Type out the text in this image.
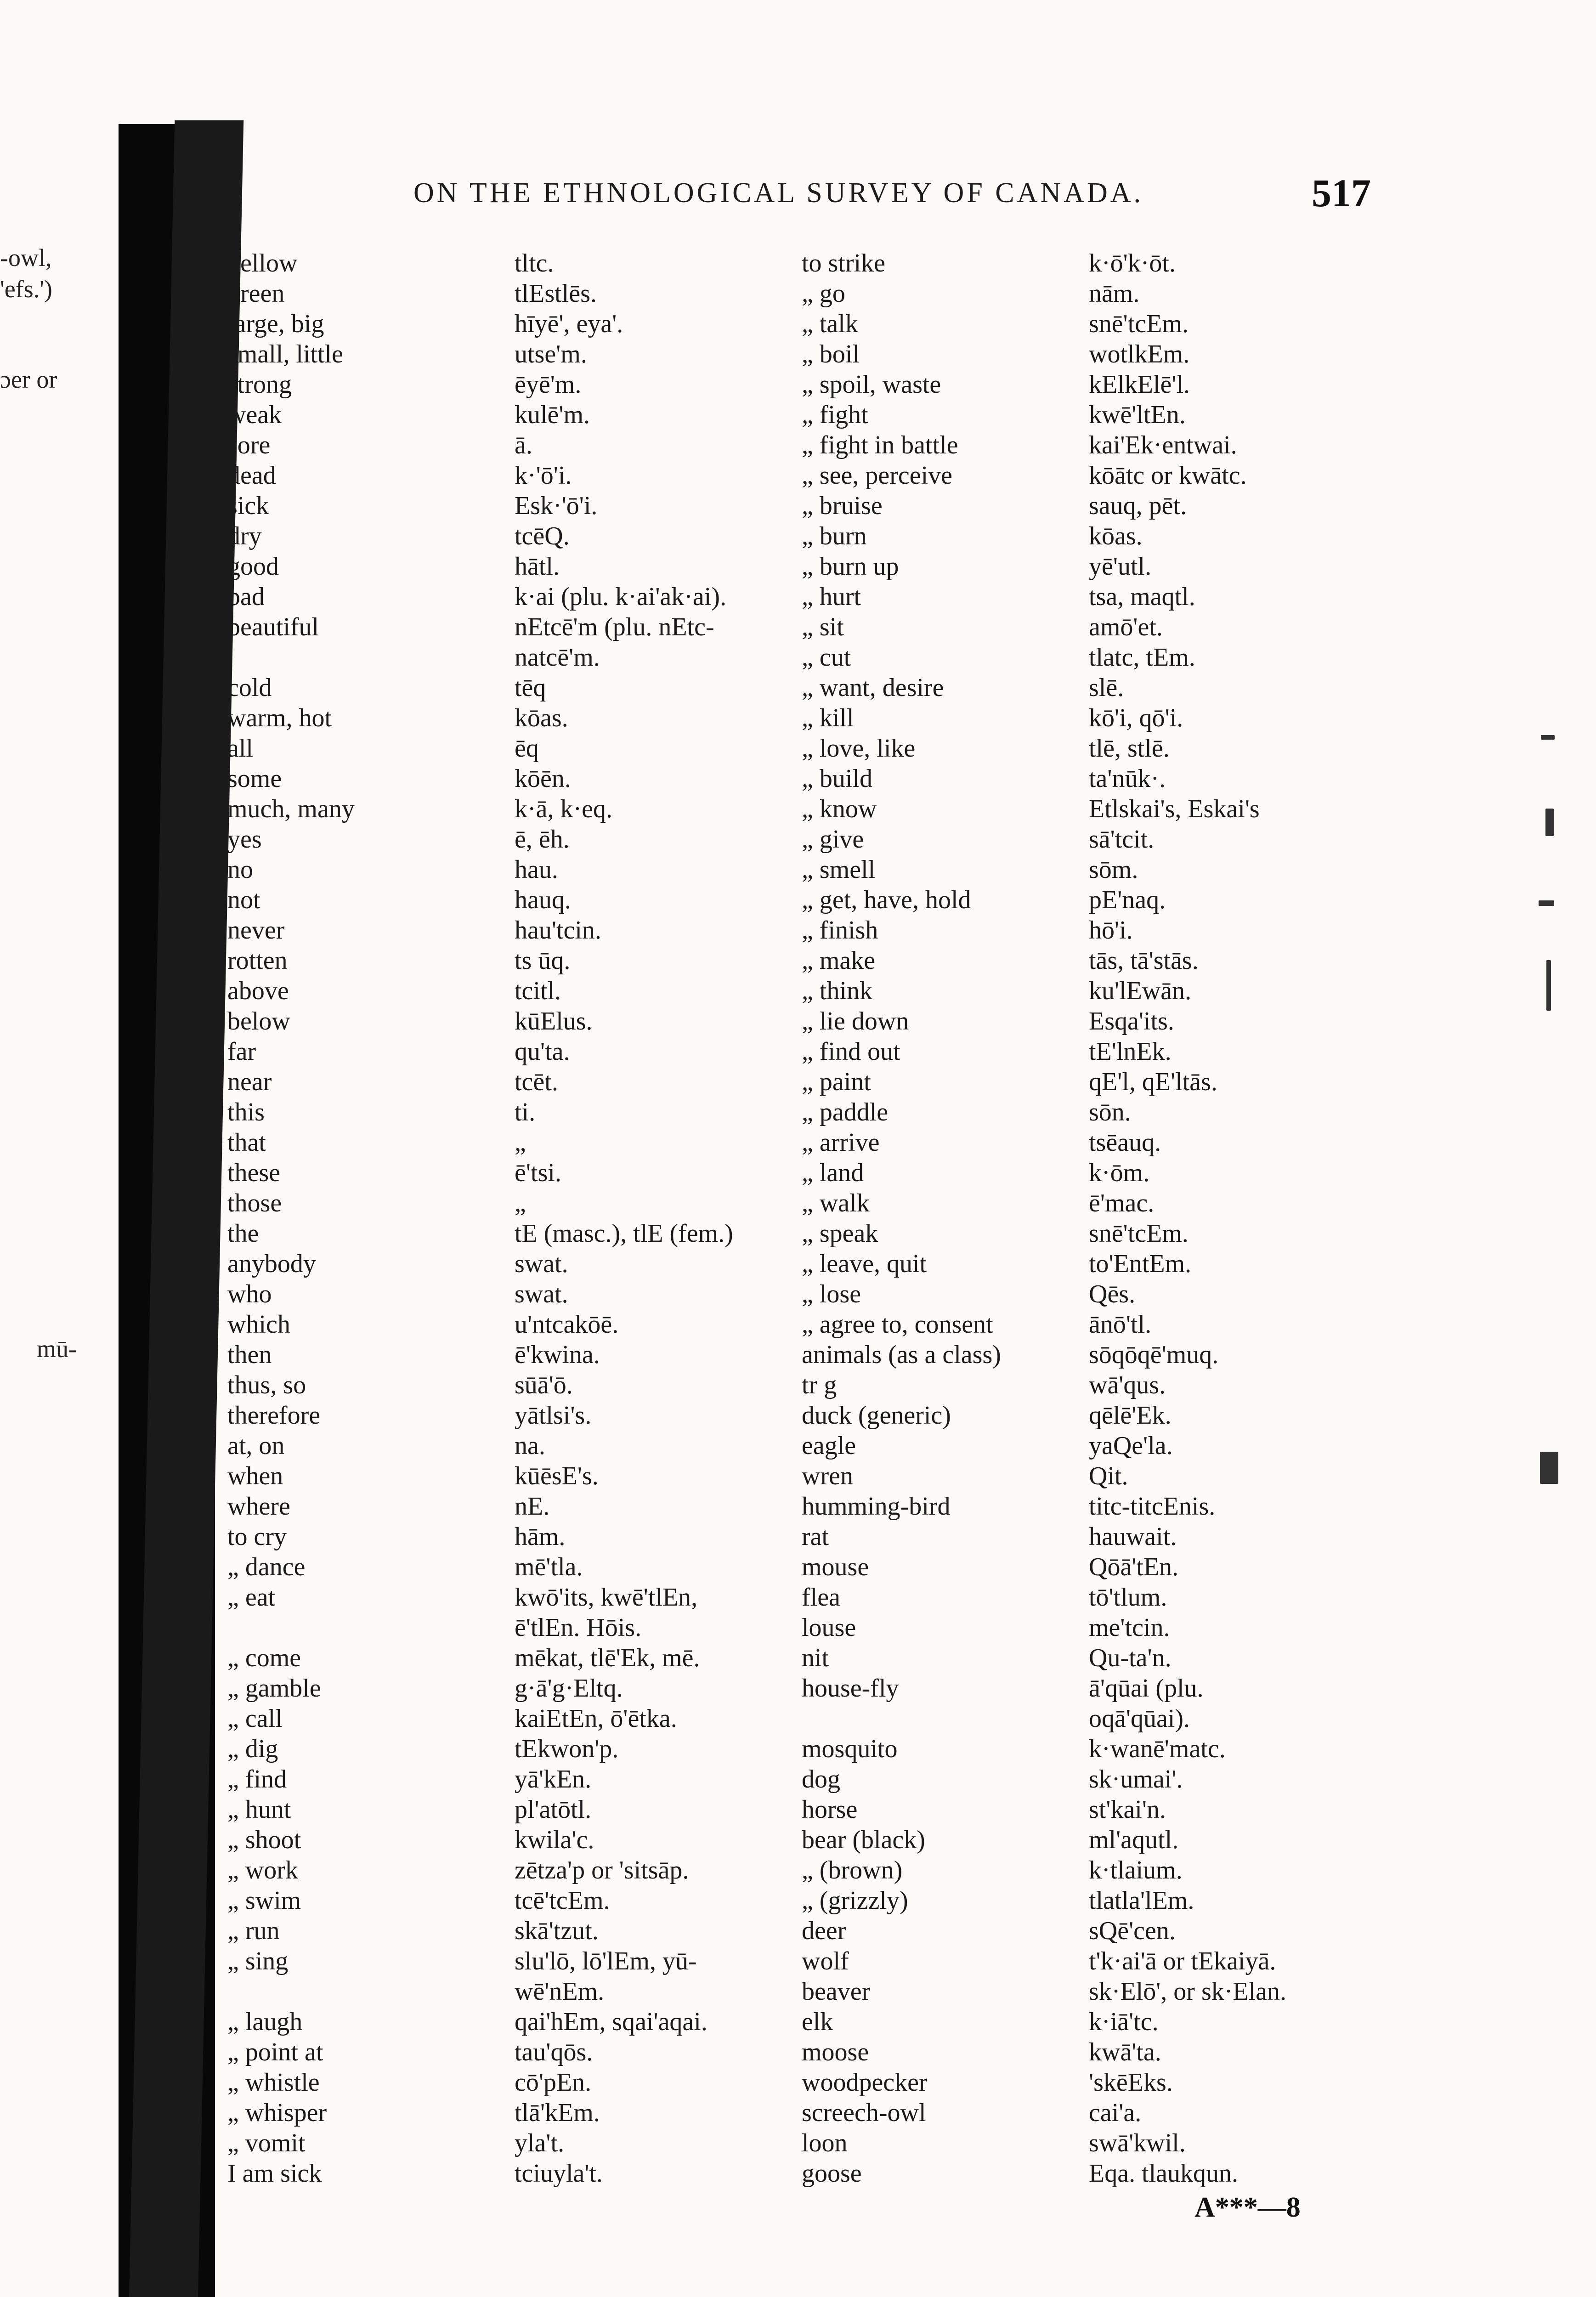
-owl,
'efs.')
ɔer or
mū-
ON THE ETHNOLOGICAL SURVEY OF CANADA.	517
yellow
green
large, big
small, little
strong
weak
sore
dead
sick
dry
good
bad
beautiful
cold
warm, hot
all
some
much, many
yes
no
not
never
rotten
above
below
far
near
this
that
these
those
the
anybody
who
which
then
thus, so
therefore
at, on
when
where
to cry
„ dance
„ eat
„ come
„ gamble
„ call
„ dig
„ find
„ hunt
„ shoot
„ work
„ swim
„ run
„ sing
„ laugh
„ point at
„ whistle
„ whisper
„ vomit
I am sick
tltc.
tlEstlēs.
hīyē', eya'.
utse'm.
ēyē'm.
kulē'm.
ā.
k·'ō'i.
Esk·'ō'i.
tcēQ.
hātl.
k·ai (plu. k·ai'ak·ai).
nEtcē'm (plu. nEtc-
natcē'm.
tēq
kōas.
ēq
kōēn.
k·ā, k·eq.
ē, ēh.
hau.
hauq.
hau'tcin.
ts ūq.
tcitl.
kūElus.
qu'ta.
tcēt.
ti.
„
ē'tsi.
„
tE (masc.), tlE (fem.)
swat.
swat.
u'ntcakōē.
ē'kwina.
sūā'ō.
yātlsi's.
na.
kūēsE's.
nE.
hām.
mē'tla.
kwō'its, kwē'tlEn,
ē'tlEn. Hōis.
mēkat, tlē'Ek, mē.
g·ā'g·Eltq.
kaiEtEn, ō'ētka.
tEkwon'p.
yā'kEn.
pl'atōtl.
kwila'c.
zētza'p or 'sitsāp.
tcē'tcEm.
skā'tzut.
slu'lō, lō'lEm, yū-
wē'nEm.
qai'hEm, sqai'aqai.
tau'qōs.
cō'pEn.
tlā'kEm.
yla't.
tciuyla't.
to strike
„ go
„ talk
„ boil
„ spoil, waste
„ fight
„ fight in battle
„ see, perceive
„ bruise
„ burn
„ burn up
„ hurt
„ sit
„ cut
„ want, desire
„ kill
„ love, like
„ build
„ know
„ give
„ smell
„ get, have, hold
„ finish
„ make
„ think
„ lie down
„ find out
„ paint
„ paddle
„ arrive
„ land
„ walk
„ speak
„ leave, quit
„ lose
„ agree to, consent
animals (as a class)
tr g
duck (generic)
eagle
wren
humming-bird
rat
mouse
flea
louse
nit
house-fly
mosquito
dog
horse
bear (black)
„ (brown)
„ (grizzly)
deer
wolf
beaver
elk
moose
woodpecker
screech-owl
loon
goose
k·ō'k·ōt.
nām.
snē'tcEm.
wotlkEm.
kElkElē'l.
kwē'ltEn.
kai'Ek·entwai.
kōātc or kwātc.
sauq, pēt.
kōas.
yē'utl.
tsa, maqtl.
amō'et.
tlatc, tEm.
slē.
kō'i, qō'i.
tlē, stlē.
ta'nūk·.
Etlskai's, Eskai's
sā'tcit.
sōm.
pE'naq.
hō'i.
tās, tā'stās.
ku'lEwān.
Esqa'its.
tE'lnEk.
qE'l, qE'ltās.
sōn.
tsēauq.
k·ōm.
ē'mac.
snē'tcEm.
to'EntEm.
Qēs.
ānō'tl.
sōqōqē'muq.
wā'qus.
qēlē'Ek.
yaQe'la.
Qit.
titc-titcEnis.
hauwait.
Qōā'tEn.
tō'tlum.
me'tcin.
Qu-ta'n.
ā'qūai (plu.
oqā'qūai).
k·wanē'matc.
sk·umai'.
st'kai'n.
ml'aqutl.
k·tlaium.
tlatla'lEm.
sQē'cen.
t'k·ai'ā or tEkaiyā.
sk·Elō', or sk·Elan.
k·iā'tc.
kwā'ta.
'skēEks.
cai'a.
swā'kwil.
Eqa. tlaukqun.
A***—8
